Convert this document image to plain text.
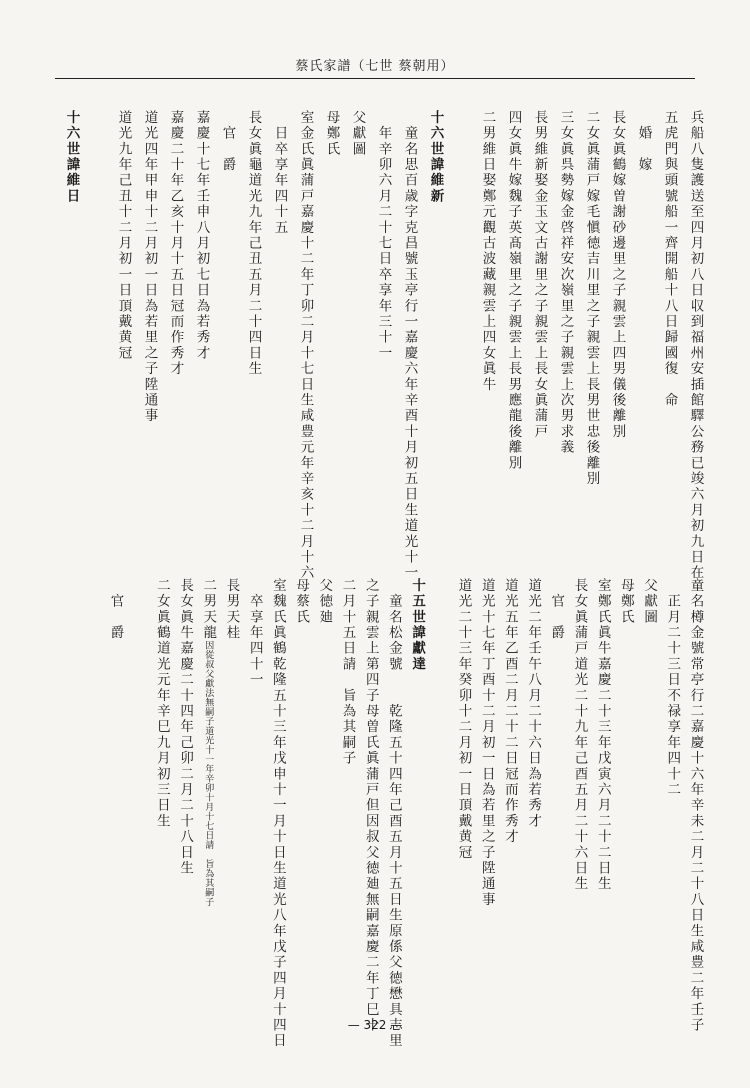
蔡氏家譜（七世 蔡朝用）
兵船八隻護送至四月初八日収到福州安插館驛公務已竣六月初九日在
五虎門與頭號船一齊開船十八日歸國復　命
　婚　嫁
長女眞鶴嫁曽謝砂邊里之子親雲上四男儀後離別
二女眞蒲戸嫁毛愼徳吉川里之子親雲上長男世忠後離別
三女眞呉勢嫁金啓祥安次嶺里之子親雲上次男求義
長男維新娶金玉文古謝里之子親雲上長女眞蒲戸
四女眞牛嫁魏子英髙嶺里之子親雲上長男應龍後離別
二男維日娶鄭元觀古波藏親雲上四女眞牛
十六世諱維新
　童名思百歳字克昌號玉亭行一嘉慶六年辛酉十月初五日生道光十一
　年辛卯六月二十七日卒享年三十一
父獻圖
母鄭氏
室金氏眞蒲戸嘉慶十二年丁卯二月十七日生咸豊元年辛亥十二月十六
　日卒享年四十五
長女眞龜道光九年己丑五月二十四日生
　官　爵
嘉慶十七年壬申八月初七日為若秀才
嘉慶二十年乙亥十月十五日冠而作秀才
道光四年甲申十二月初一日為若里之子陞通事
道光九年己丑十二月初一日頂戴黄冠
十六世諱維日
童名樽金號常亭行二嘉慶十六年辛未二月二十八日生咸豊二年壬子
　正月二十三日不禄享年四十二
父獻圖
母鄭氏
室鄭氏眞牛嘉慶二十三年戊寅六月二十二日生
長女眞蒲戸道光二十九年己酉五月二十六日生
　官　爵
道光二年壬午八月二十六日為若秀才
道光五年乙酉二月二十二日冠而作秀才
道光十七年丁酉十二月初一日為若里之子陞通事
道光二十三年癸卯十二月初一日頂戴黄冠
十五世諱獻達
　童名松金號　　乾隆五十四年己酉五月十五日生原係父徳懋具志里
之子親雲上第四子母曽氏眞蒲戸但因叔父徳廸無嗣嘉慶二年丁巳十
二月十五日請　旨為其嗣子
父徳廸
母蔡氏
室魏氏眞鶴乾隆五十三年戊申十一月十日生道光八年戊子四月十四日
　卒享年四十一
長男天桂
二男天龍因從叔父獻法無嗣子道光十一年辛卯十月十七日請　旨為其嗣子
長女眞牛嘉慶二十四年己卯二月二十八日生
二女眞鶴道光元年辛巳九月初三日生
　官　爵
— 322 —
